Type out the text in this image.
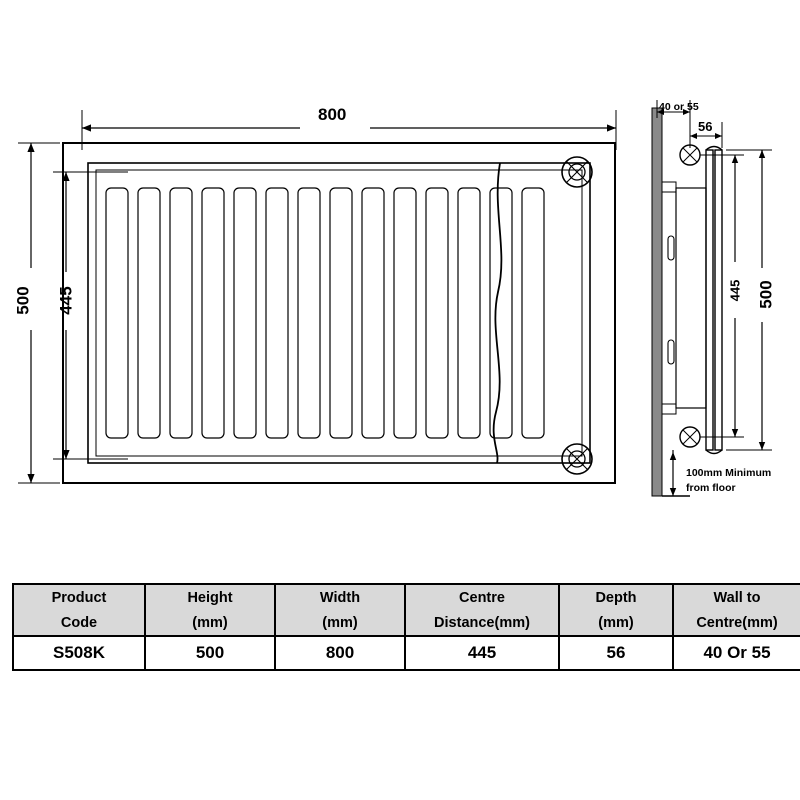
800
500 445
40 or 55
56
500
445
100mm Minimum
from floor
Product	Height	Width	Centre	Depth	Wall to
Code	(mm)	(mm)	Distance(mm)	(mm)	Centre(mm)
S508K	500	800	445	56	40 Or 55
